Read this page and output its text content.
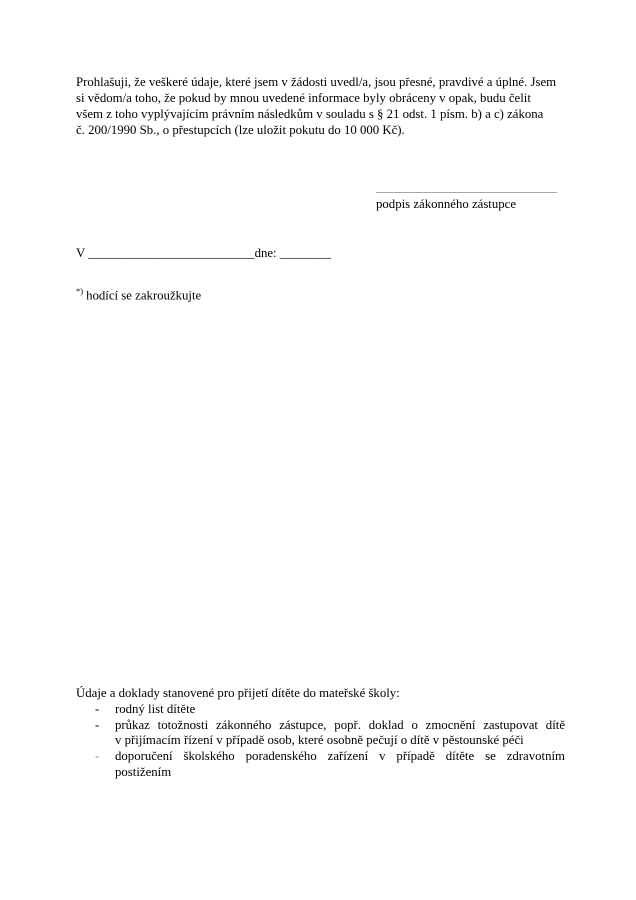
Prohlašuji, že veškeré údaje, které jsem v žádosti uvedl/a, jsou přesné, pravdivé a úplné. Jsem
si vědom/a toho, že pokud by mnou uvedené informace byly obráceny v opak, budu čelit
všem z toho vyplývajícím právním následkům v souladu s § 21 odst. 1 písm. b) a c) zákona
č. 200/1990 Sb., o přestupcích (lze uložit pokutu do 10 000 Kč).
podpis zákonného zástupce
V __________________________dne: ________
*) hodící se zakroužkujte
Údaje a doklady stanovené pro přijetí dítěte do mateřské školy:
-	rodný list dítěte
-	průkaz totožnosti zákonného zástupce, popř. doklad o zmocnění zastupovat dítě
v přijímacím řízení v případě osob, které osobně pečují o dítě v pěstounské péči
-	doporučení školského poradenského zařízení v případě dítěte se zdravotním
postižením
